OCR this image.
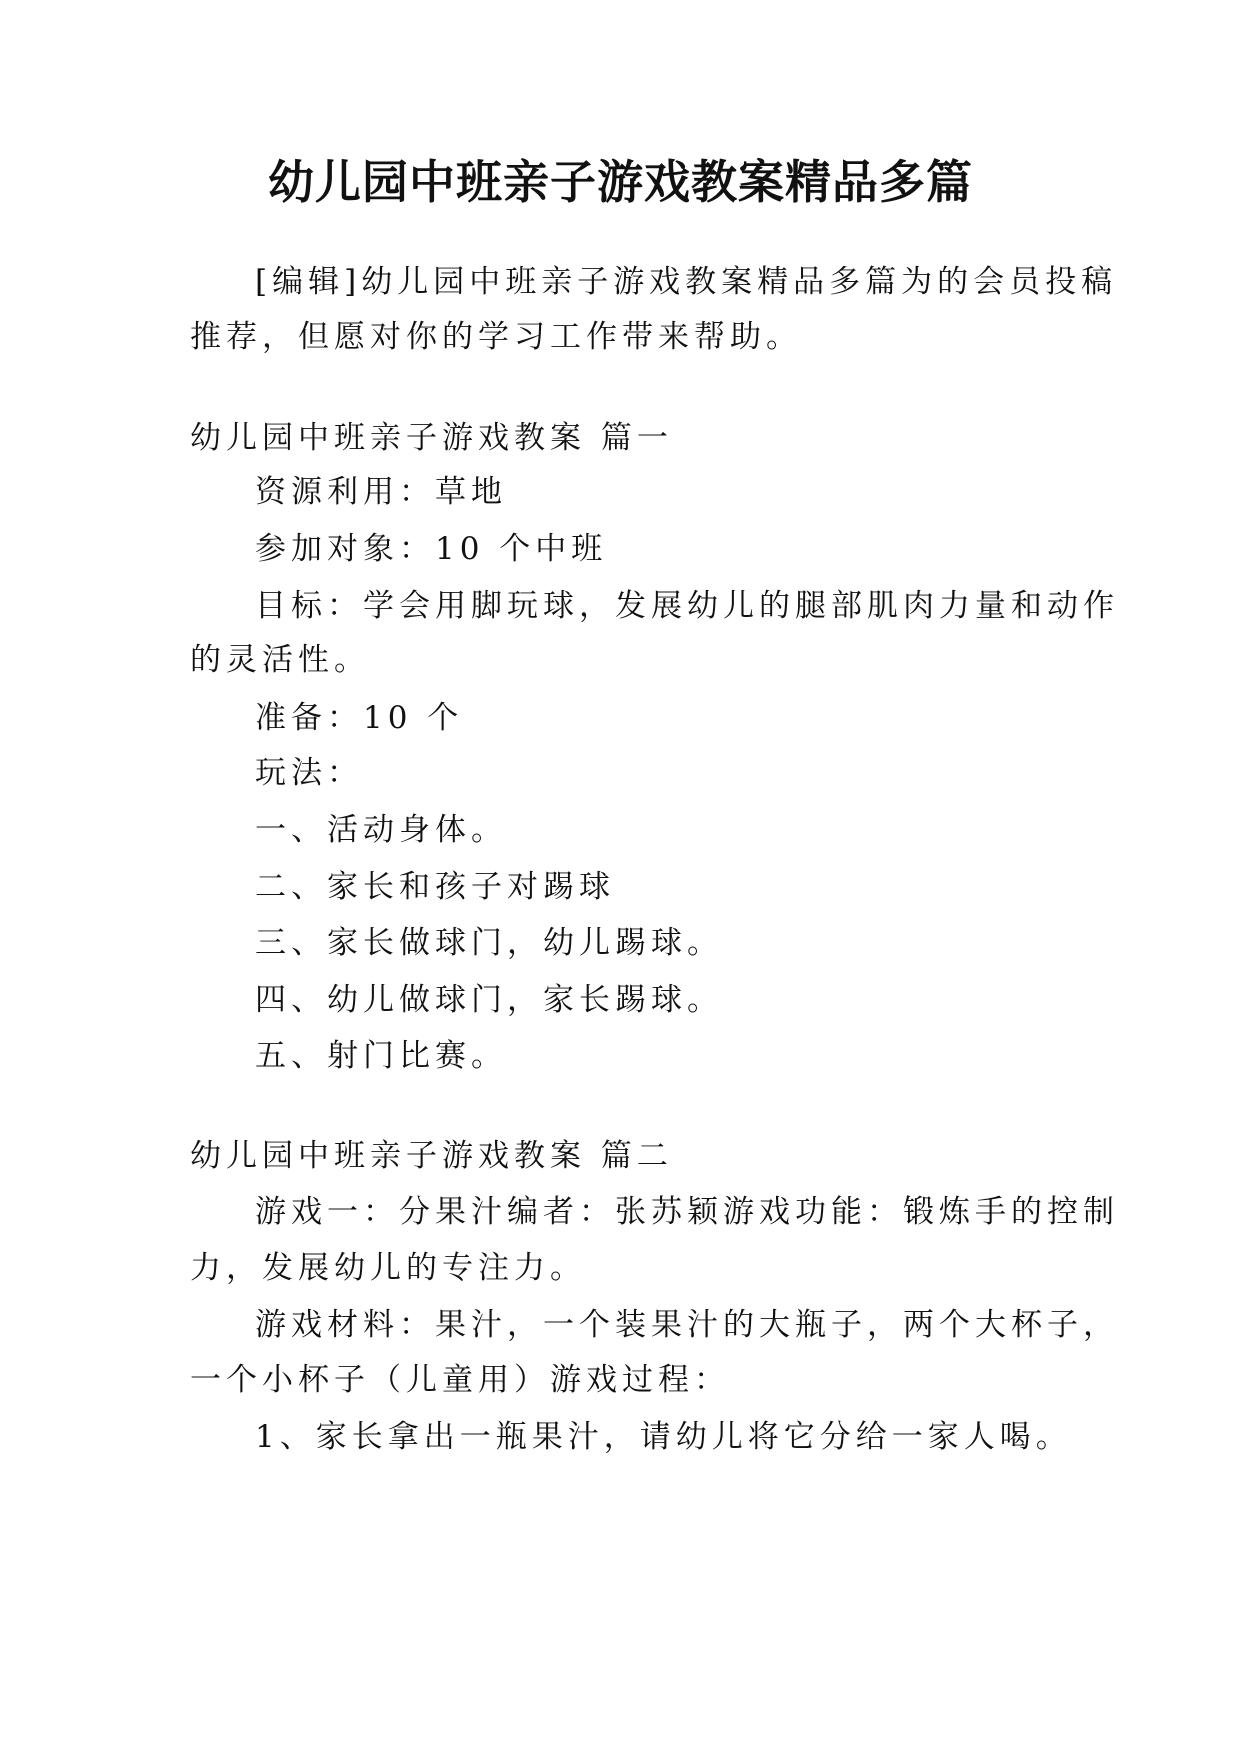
幼儿园中班亲子游戏教案精品多篇
[编辑]幼儿园中班亲子游戏教案精品多篇为的会员投稿
推荐，但愿对你的学习工作带来帮助。
幼儿园中班亲子游戏教案 篇一
资源利用：草地
参加对象：10 个中班
目标：学会用脚玩球，发展幼儿的腿部肌肉力量和动作
的灵活性。
准备：10 个
玩法：
一、活动身体。
二、家长和孩子对踢球
三、家长做球门，幼儿踢球。
四、幼儿做球门，家长踢球。
五、射门比赛。
幼儿园中班亲子游戏教案 篇二
游戏一：分果汁编者：张苏颖游戏功能：锻炼手的控制
力，发展幼儿的专注力。
游戏材料：果汁，一个装果汁的大瓶子，两个大杯子，
一个小杯子（儿童用）游戏过程：
1、家长拿出一瓶果汁，请幼儿将它分给一家人喝。
